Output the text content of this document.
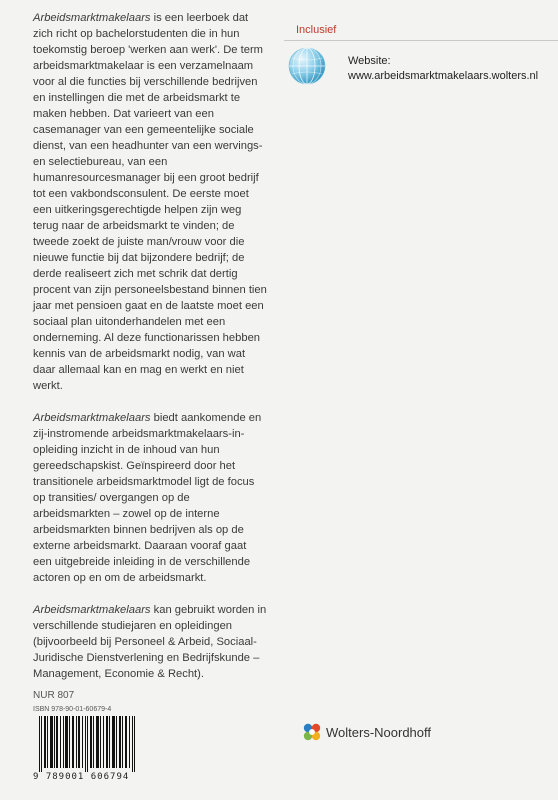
Arbeidsmarktmakelaars is een leerboek dat zich richt op bachelorstudenten die in hun toekomstig beroep 'werken aan werk'. De term arbeidsmarktmakelaar is een verzamelnaam voor al die functies bij verschillende bedrijven en instellingen die met de arbeidsmarkt te maken hebben. Dat varieert van een casemanager van een gemeentelijke sociale dienst, van een headhunter van een wervings- en selectiebureau, van een humanresourcesmanager bij een groot bedrijf tot een vakbondsconsulent. De eerste moet een uitkeringsgerechtigde helpen zijn weg terug naar de arbeidsmarkt te vinden; de tweede zoekt de juiste man/vrouw voor die nieuwe functie bij dat bijzondere bedrijf; de derde realiseert zich met schrik dat dertig procent van zijn personeelsbestand binnen tien jaar met pensioen gaat en de laatste moet een sociaal plan uitonderhandelen met een onderneming. Al deze functionarissen hebben kennis van de arbeidsmarkt nodig, van wat daar allemaal kan en mag en werkt en niet werkt.

Arbeidsmarktmakelaars biedt aankomende en zij-instromende arbeidsmarktmakelaars-in-opleiding inzicht in de inhoud van hun gereedschapskist. Geïnspireerd door het transitionele arbeidsmarktmodel ligt de focus op transities/ overgangen op de arbeidsmarkten – zowel op de interne arbeidsmarkten binnen bedrijven als op de externe arbeidsmarkt. Daaraan vooraf gaat een uitgebreide inleiding in de verschillende actoren op en om de arbeidsmarkt.

Arbeidsmarktmakelaars kan gebruikt worden in verschillende studiejaren en opleidingen (bijvoorbeeld bij Personeel & Arbeid, Sociaal-Juridische Dienstverlening en Bedrijfskunde – Management, Economie & Recht).

Inclusief
Website:
www.arbeidsmarktmakelaars.wolters.nl
NUR 807
ISBN 978-90-01-60679-4
9 789001 606794
Wolters-Noordhoff
